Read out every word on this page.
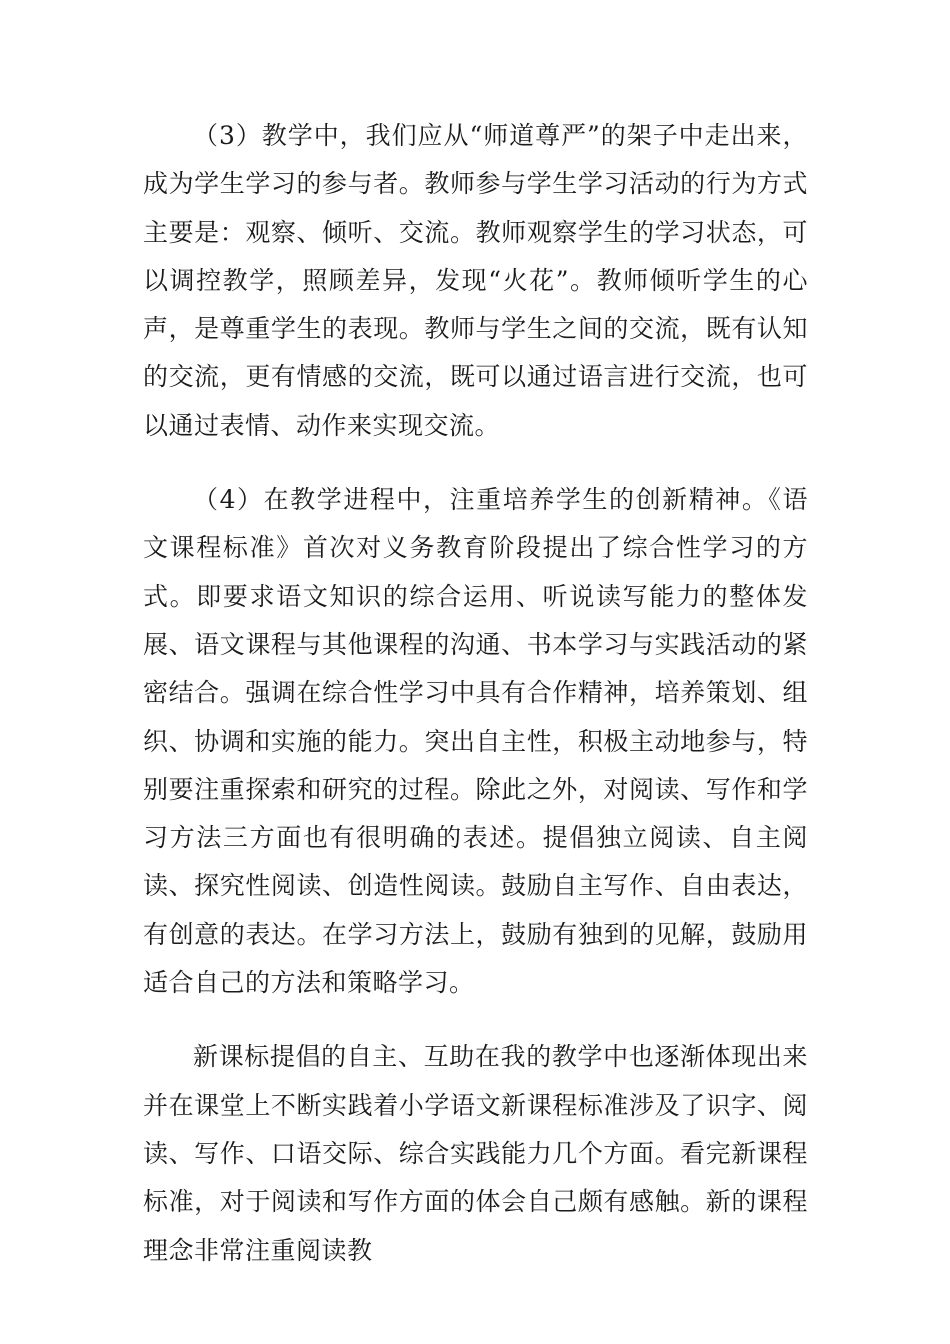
（3）教学中，我们应从“师道尊严”的架子中走出来，成为学生学习的参与者。教师参与学生学习活动的行为方式主要是：观察、倾听、交流。教师观察学生的学习状态，可以调控教学，照顾差异，发现“火花”。教师倾听学生的心声，是尊重学生的表现。教师与学生之间的交流，既有认知的交流，更有情感的交流，既可以通过语言进行交流，也可以通过表情、动作来实现交流。

（4）在教学进程中，注重培养学生的创新精神。《语文课程标准》首次对义务教育阶段提出了综合性学习的方式。即要求语文知识的综合运用、听说读写能力的整体发展、语文课程与其他课程的沟通、书本学习与实践活动的紧密结合。强调在综合性学习中具有合作精神，培养策划、组织、协调和实施的能力。突出自主性，积极主动地参与，特别要注重探索和研究的过程。除此之外，对阅读、写作和学习方法三方面也有很明确的表述。提倡独立阅读、自主阅读、探究性阅读、创造性阅读。鼓励自主写作、自由表达，有创意的表达。在学习方法上，鼓励有独到的见解，鼓励用适合自己的方法和策略学习。

新课标提倡的自主、互助在我的教学中也逐渐体现出来并在课堂上不断实践着小学语文新课程标准涉及了识字、阅读、写作、口语交际、综合实践能力几个方面。看完新课程标准，对于阅读和写作方面的体会自己颇有感触。新的课程理念非常注重阅读教
